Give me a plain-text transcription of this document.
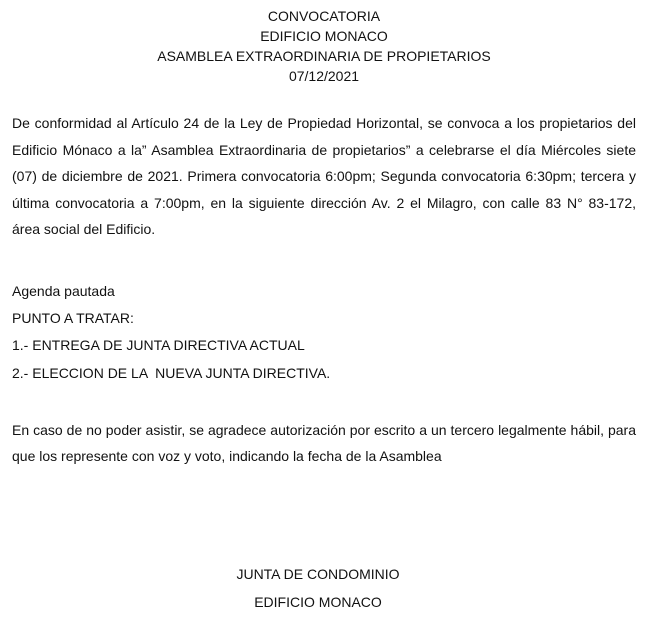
CONVOCATORIA
EDIFICIO MONACO
ASAMBLEA EXTRAORDINARIA DE PROPIETARIOS
07/12/2021
De conformidad al Artículo 24 de la Ley de Propiedad Horizontal, se convoca a los propietarios del Edificio Mónaco a la” Asamblea Extraordinaria de propietarios” a celebrarse el día Miércoles siete (07) de diciembre de 2021. Primera convocatoria 6:00pm; Segunda convocatoria 6:30pm; tercera y última convocatoria a 7:00pm, en la siguiente dirección Av. 2 el Milagro, con calle 83 N° 83-172, área social del Edificio.
Agenda pautada
PUNTO A TRATAR:
1.- ENTREGA DE JUNTA DIRECTIVA ACTUAL
2.- ELECCION DE LA  NUEVA JUNTA DIRECTIVA.
En caso de no poder asistir, se agradece autorización por escrito a un tercero legalmente hábil, para que los represente con voz y voto, indicando la fecha de la Asamblea
JUNTA DE CONDOMINIO
EDIFICIO MONACO
